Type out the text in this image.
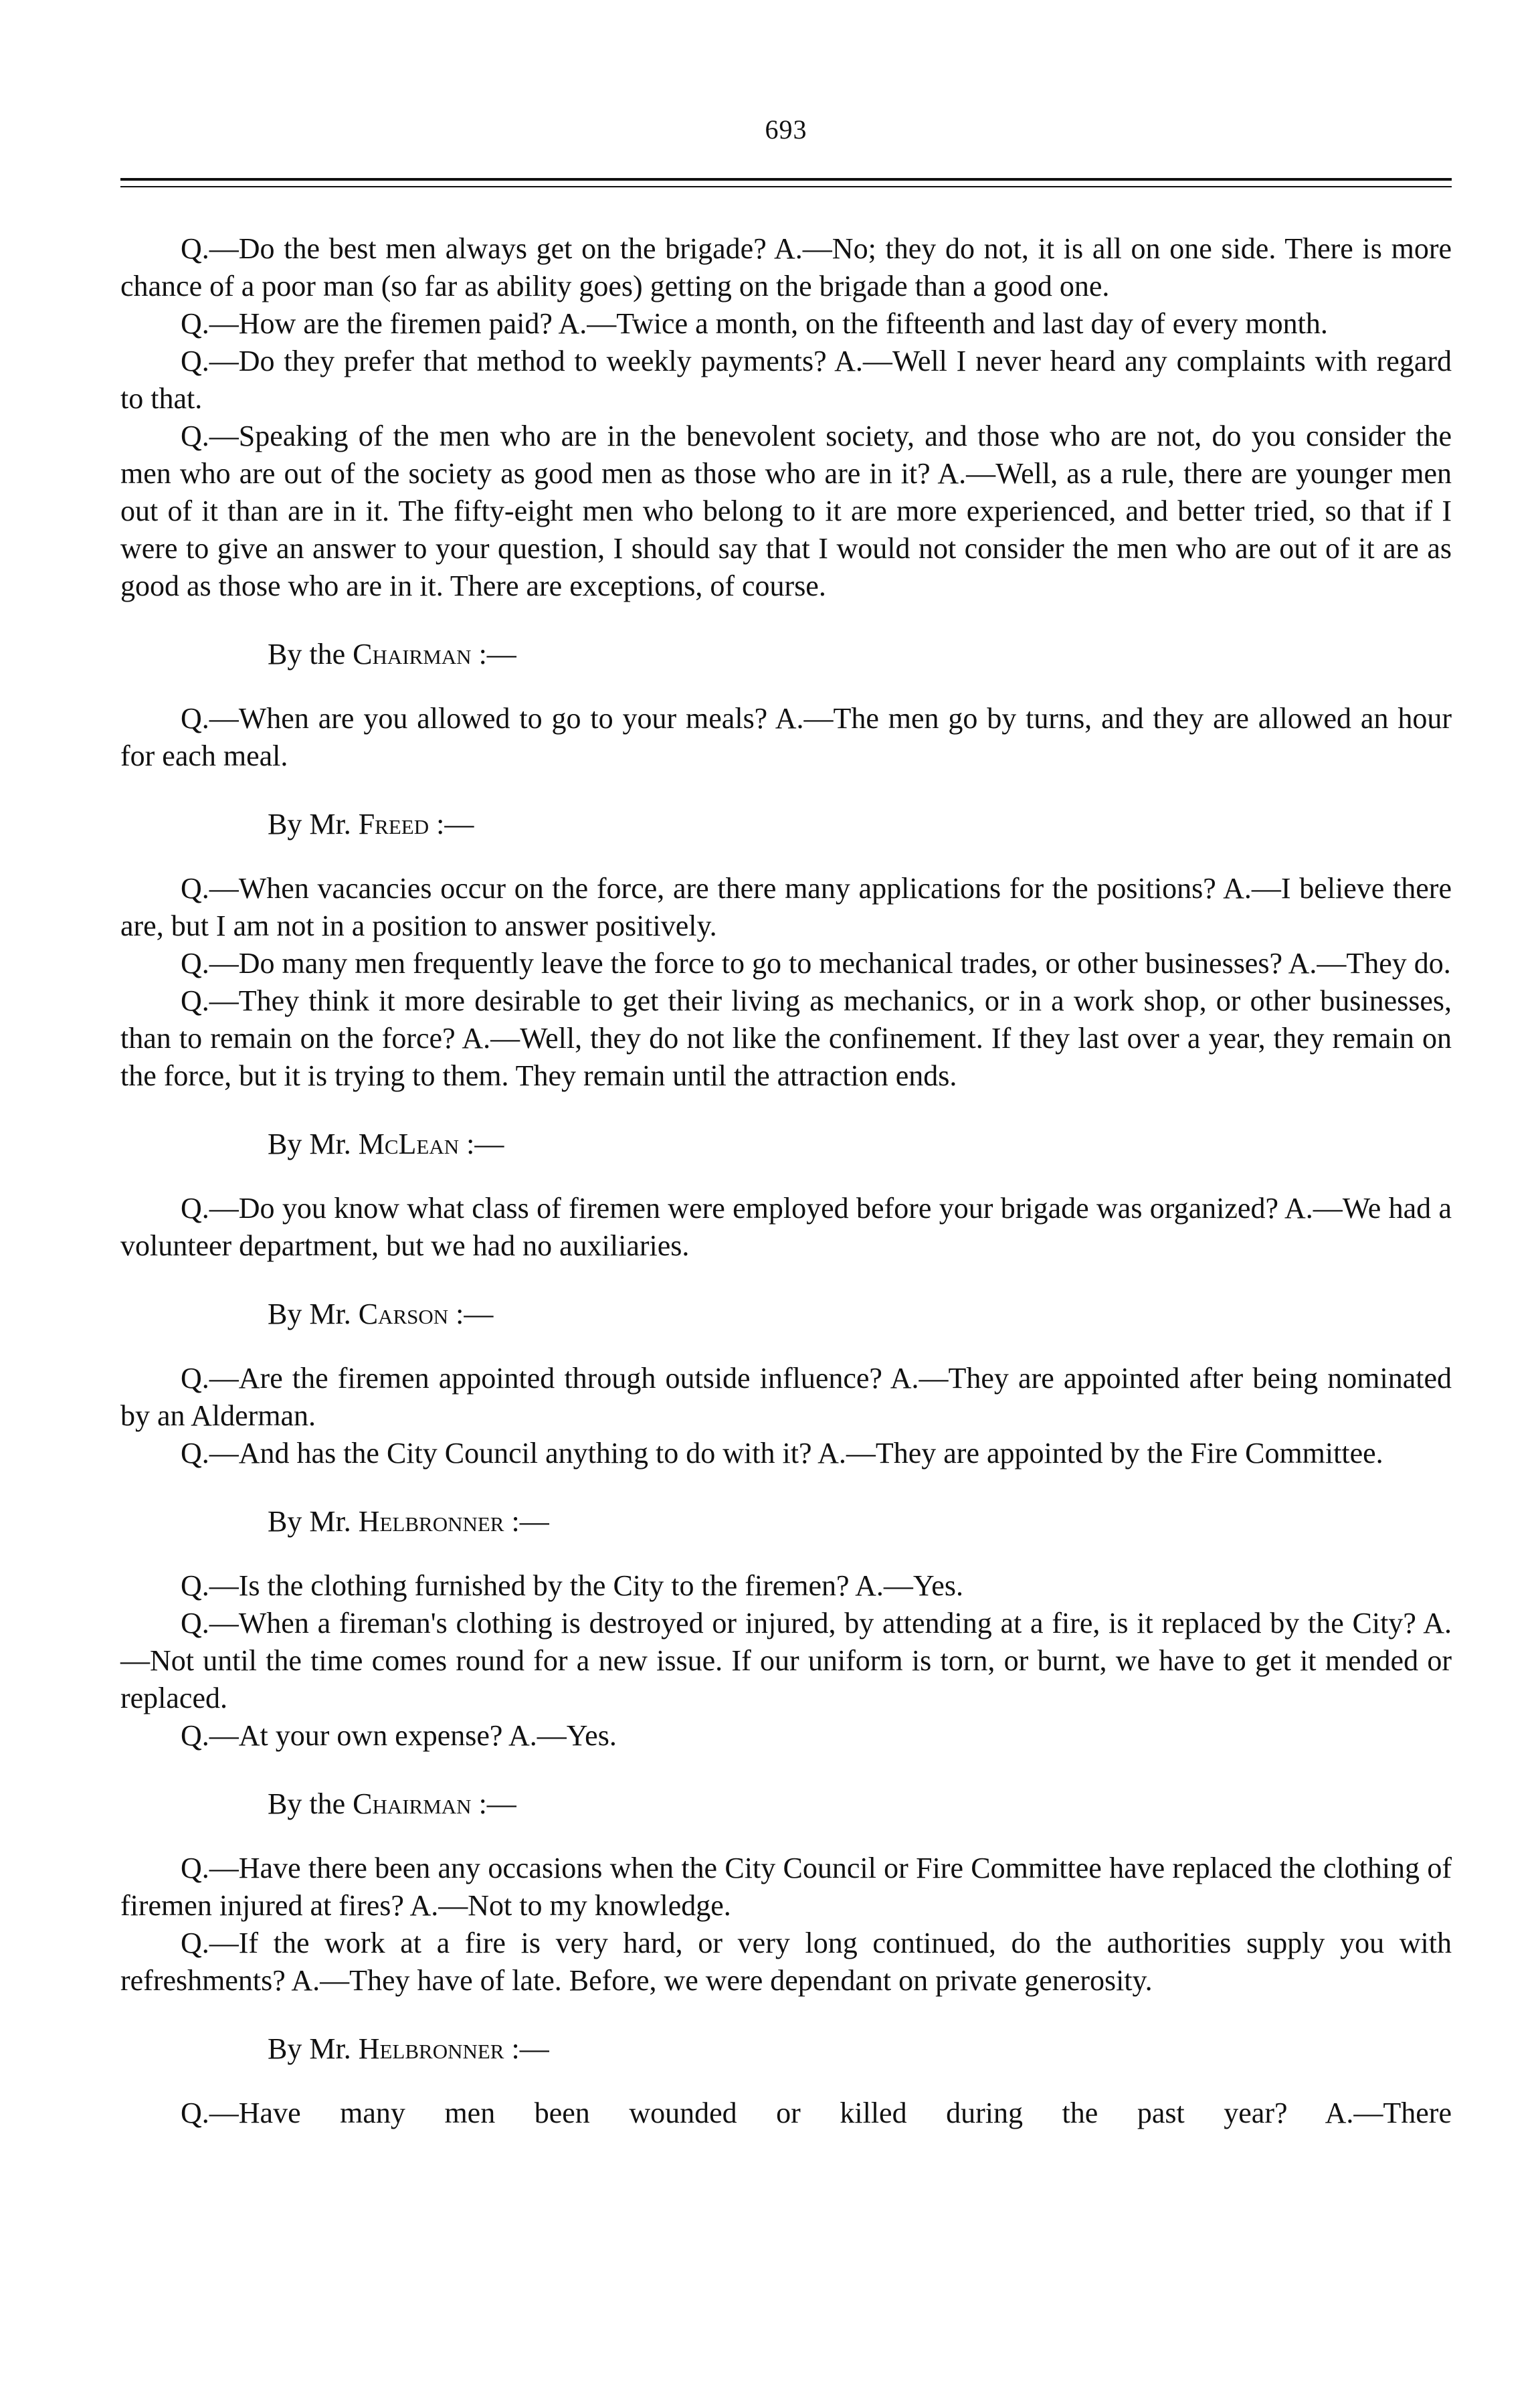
693

Q.—Do the best men always get on the brigade? A.—No; they do not, it is all on one side. There is more chance of a poor man (so far as ability goes) getting on the brigade than a good one.

Q.—How are the firemen paid? A.—Twice a month, on the fifteenth and last day of every month.

Q.—Do they prefer that method to weekly payments? A.—Well I never heard any complaints with regard to that.

Q.—Speaking of the men who are in the benevolent society, and those who are not, do you consider the men who are out of the society as good men as those who are in it? A.—Well, as a rule, there are younger men out of it than are in it. The fifty-eight men who belong to it are more experienced, and better tried, so that if I were to give an answer to your question, I should say that I would not consider the men who are out of it are as good as those who are in it. There are exceptions, of course.

By the Chairman :—

Q.—When are you allowed to go to your meals? A.—The men go by turns, and they are allowed an hour for each meal.

By Mr. Freed :—

Q.—When vacancies occur on the force, are there many applications for the positions? A.—I believe there are, but I am not in a position to answer positively.

Q.—Do many men frequently leave the force to go to mechanical trades, or other businesses? A.—They do.

Q.—They think it more desirable to get their living as mechanics, or in a work shop, or other businesses, than to remain on the force? A.—Well, they do not like the confinement. If they last over a year, they remain on the force, but it is trying to them. They remain until the attraction ends.

By Mr. McLean :—

Q.—Do you know what class of firemen were employed before your brigade was organized? A.—We had a volunteer department, but we had no auxiliaries.

By Mr. Carson :—

Q.—Are the firemen appointed through outside influence? A.—They are appointed after being nominated by an Alderman.

Q.—And has the City Council anything to do with it? A.—They are appointed by the Fire Committee.

By Mr. Helbronner :—

Q.—Is the clothing furnished by the City to the firemen? A.—Yes.

Q.—When a fireman's clothing is destroyed or injured, by attending at a fire, is it replaced by the City? A.—Not until the time comes round for a new issue. If our uniform is torn, or burnt, we have to get it mended or replaced.

Q.—At your own expense? A.—Yes.

By the Chairman :—

Q.—Have there been any occasions when the City Council or Fire Committee have replaced the clothing of firemen injured at fires? A.—Not to my knowledge.

Q.—If the work at a fire is very hard, or very long continued, do the authorities supply you with refreshments? A.—They have of late. Before, we were dependant on private generosity.

By Mr. Helbronner :—

Q.—Have many men been wounded or killed during the past year? A.—There
